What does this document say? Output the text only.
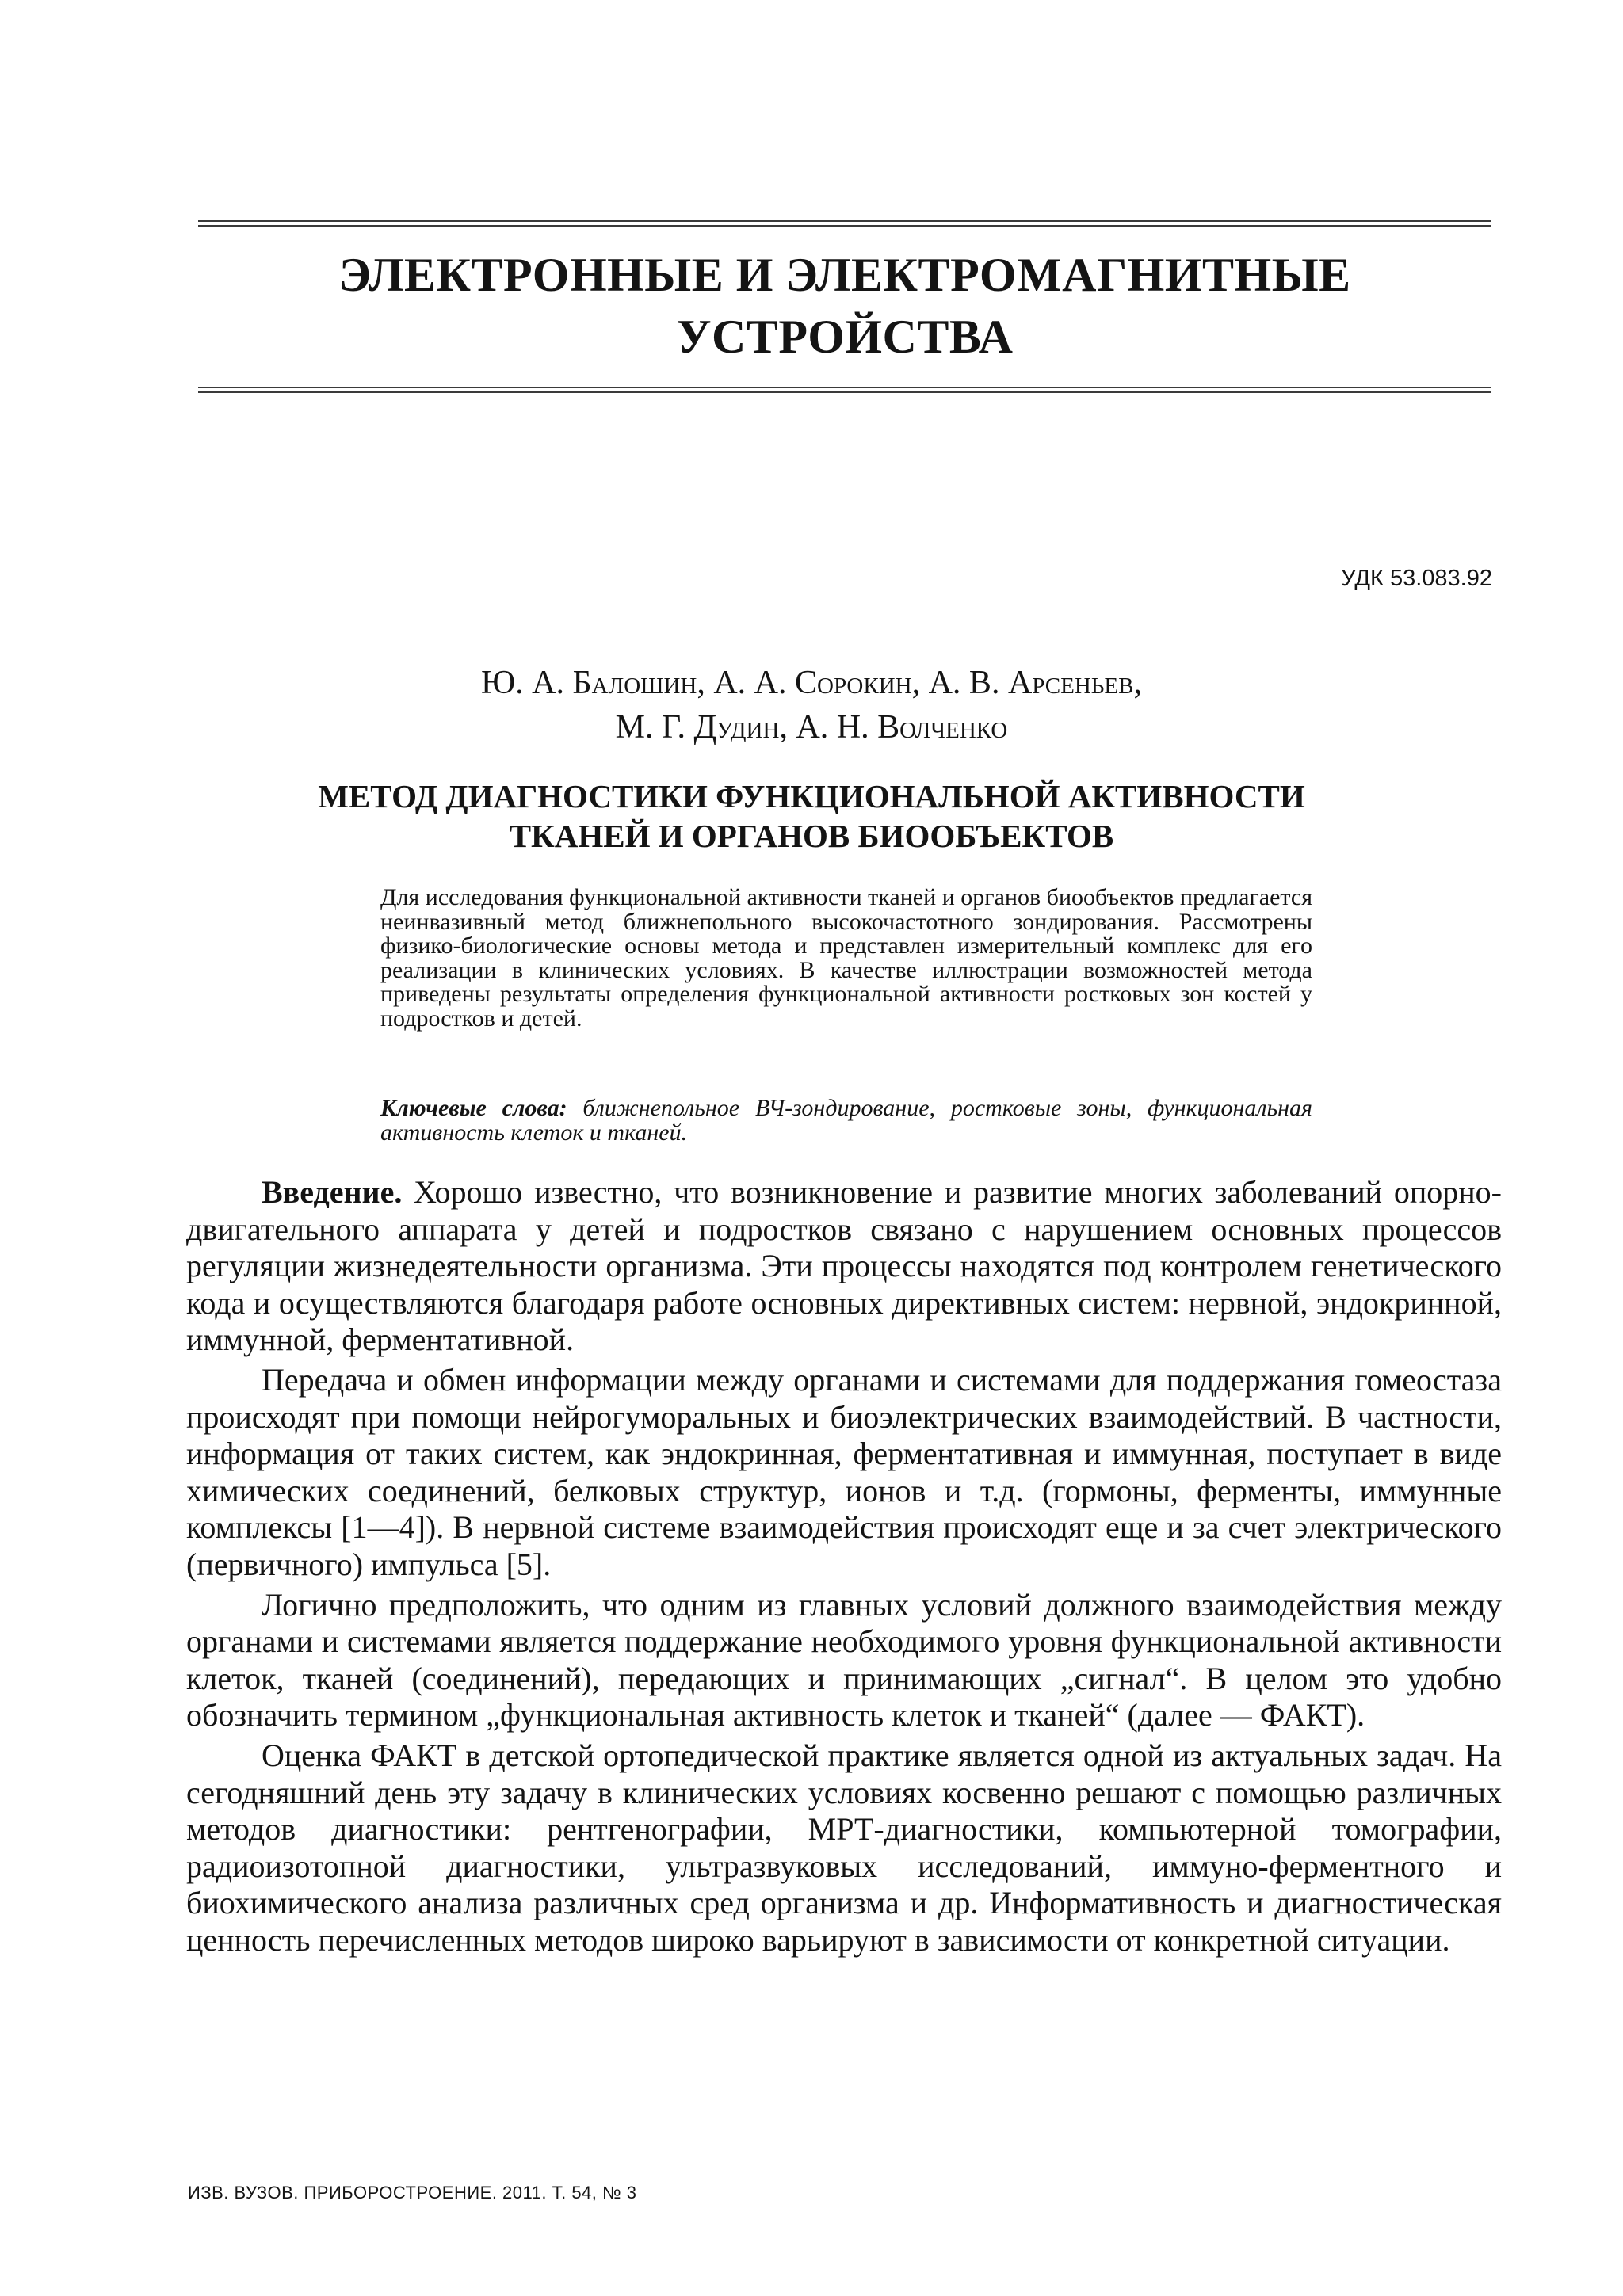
ЭЛЕКТРОННЫЕ И ЭЛЕКТРОМАГНИТНЫЕ
УСТРОЙСТВА
УДК 53.083.92
Ю. А. Балошин, А. А. Сорокин, А. В. Арсеньев,
М. Г. Дудин, А. Н. Волченко
МЕТОД ДИАГНОСТИКИ ФУНКЦИОНАЛЬНОЙ АКТИВНОСТИ
ТКАНЕЙ И ОРГАНОВ БИООБЪЕКТОВ
Для исследования функциональной активности тканей и органов биообъектов предлагается неинвазивный метод ближнепольного высокочастотного зондирования. Рассмотрены физико-биологические основы метода и представлен измерительный комплекс для его реализации в клинических условиях. В качестве иллюстрации возможностей метода приведены результаты определения функциональной активности ростковых зон костей у подростков и детей.
Ключевые слова: ближнепольное ВЧ-зондирование, ростковые зоны, функциональная активность клеток и тканей.

Введение. Хорошо известно, что возникновение и развитие многих заболеваний опорно-двигательного аппарата у детей и подростков связано с нарушением основных процессов регуляции жизнедеятельности организма. Эти процессы находятся под контролем генетического кода и осуществляются благодаря работе основных директивных систем: нервной, эндокринной, иммунной, ферментативной.

Передача и обмен информации между органами и системами для поддержания гомеостаза происходят при помощи нейрогуморальных и биоэлектрических взаимодействий. В частности, информация от таких систем, как эндокринная, ферментативная и иммунная, поступает в виде химических соединений, белковых структур, ионов и т.д. (гормоны, ферменты, иммунные комплексы [1—4]). В нервной системе взаимодействия происходят еще и за счет электрического (первичного) импульса [5].

Логично предположить, что одним из главных условий должного взаимодействия между органами и системами является поддержание необходимого уровня функциональной активности клеток, тканей (соединений), передающих и принимающих „сигнал“. В целом это удобно обозначить термином „функциональная активность клеток и тканей“ (далее — ФАКТ).

Оценка ФАКТ в детской ортопедической практике является одной из актуальных задач. На сегодняшний день эту задачу в клинических условиях косвенно решают с помощью различных методов диагностики: рентгенографии, МРТ-диагностики, компьютерной томографии, радиоизотопной диагностики, ультразвуковых исследований, иммуно-ферментного и биохимического анализа различных сред организма и др. Информативность и диагностическая ценность перечисленных методов широко варьируют в зависимости от конкретной ситуации.

ИЗВ. ВУЗОВ. ПРИБОРОСТРОЕНИЕ. 2011. Т. 54, № 3
